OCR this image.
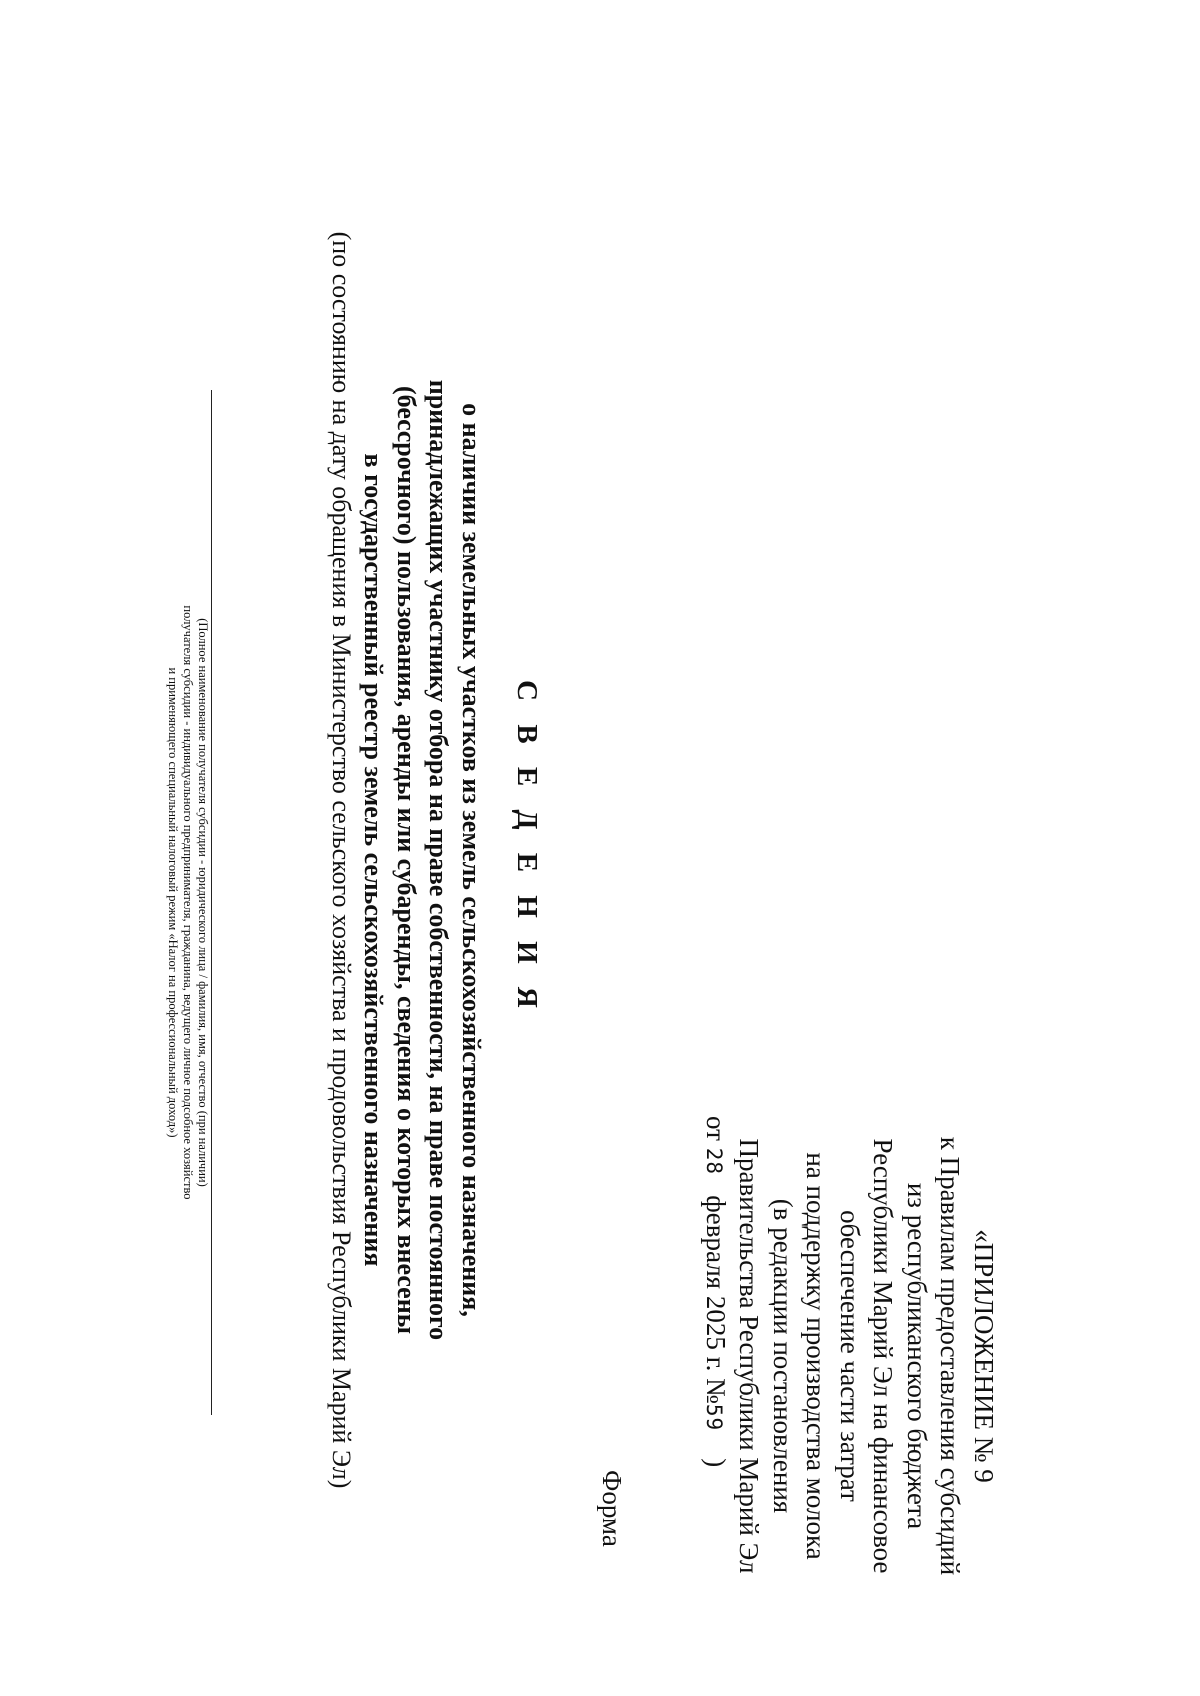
«ПРИЛОЖЕНИЕ № 9
к Правилам предоставления субсидий
из республиканского бюджета
Республики Марий Эл на финансовое
обеспечение части затрат
на поддержку производства молока
(в редакции постановления
Правительства Республики Марий Эл
от 28   февраля 2025 г. №59    )
Форма
С В Е Д Е Н И Я
о наличии земельных участков из земель сельскохозяйственного назначения,
принадлежащих участнику отбора на праве собственности, на праве постоянного
(бессрочного) пользования, аренды или субаренды, сведения о которых внесены
в государственный реестр земель сельскохозяйственного назначения
(по состоянию на дату обращения в Министерство сельского хозяйства и продовольствия Республики Марий Эл)
(Полное наименование получателя субсидии - юридического лица / фамилия, имя, отчество (при наличии)
получателя субсидии - индивидуального предпринимателя, гражданина, ведущего личное подсобное хозяйство
и применяющего специальный налоговый режим «Налог на профессиональный доход»)
